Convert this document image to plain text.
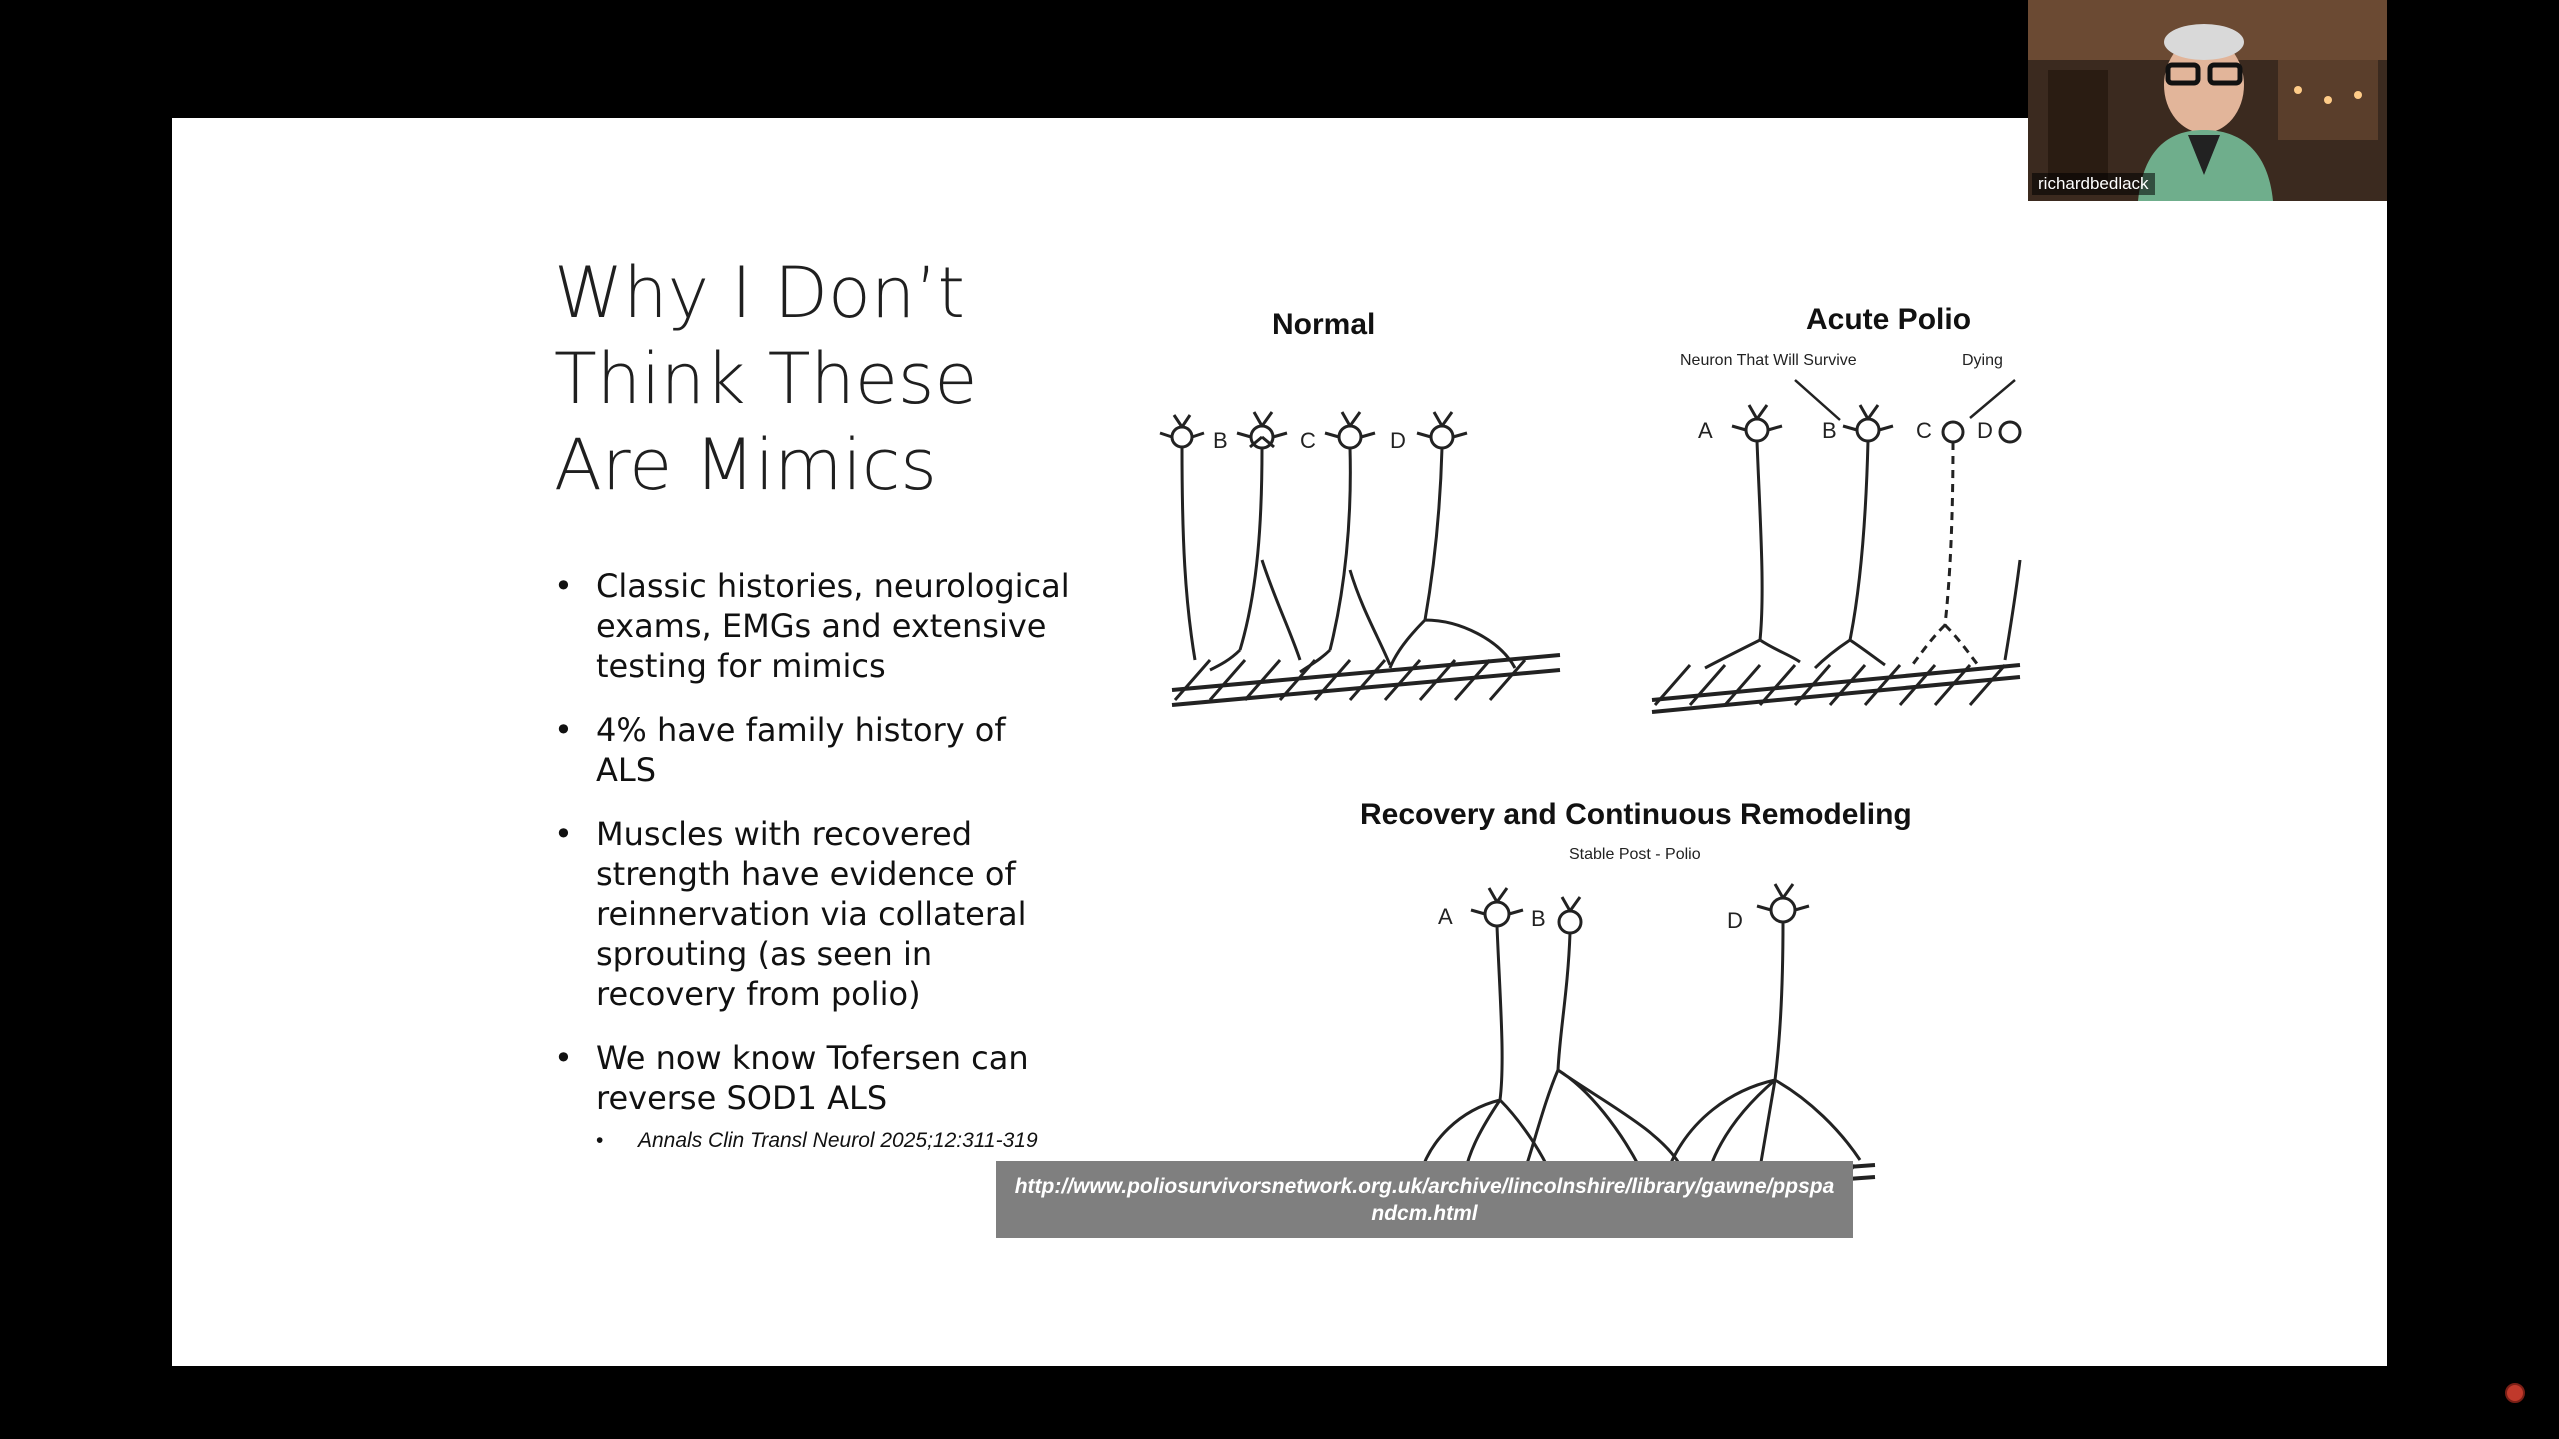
Why I Don’t
Think These
Are Mimics
• Classic histories, neurological exams, EMGs and extensive testing for mimics
• 4% have family history of ALS
• Muscles with recovered strength have evidence of reinnervation via collateral sprouting (as seen in recovery from polio)
• We now know Tofersen can reverse SOD1 ALS
• Annals Clin Transl Neurol 2025;12:311-319

Normal	Acute Polio

Neuron That Will Survive	Dying

Recovery and Continuous Remodeling

Stable Post - Polio
B	C	D	A	B	C D
A	B	D
http://www.poliosurvivorsnetwork.org.uk/archive/lincolnshire/library/gawne/ppspandcm.html
richardbedlack
